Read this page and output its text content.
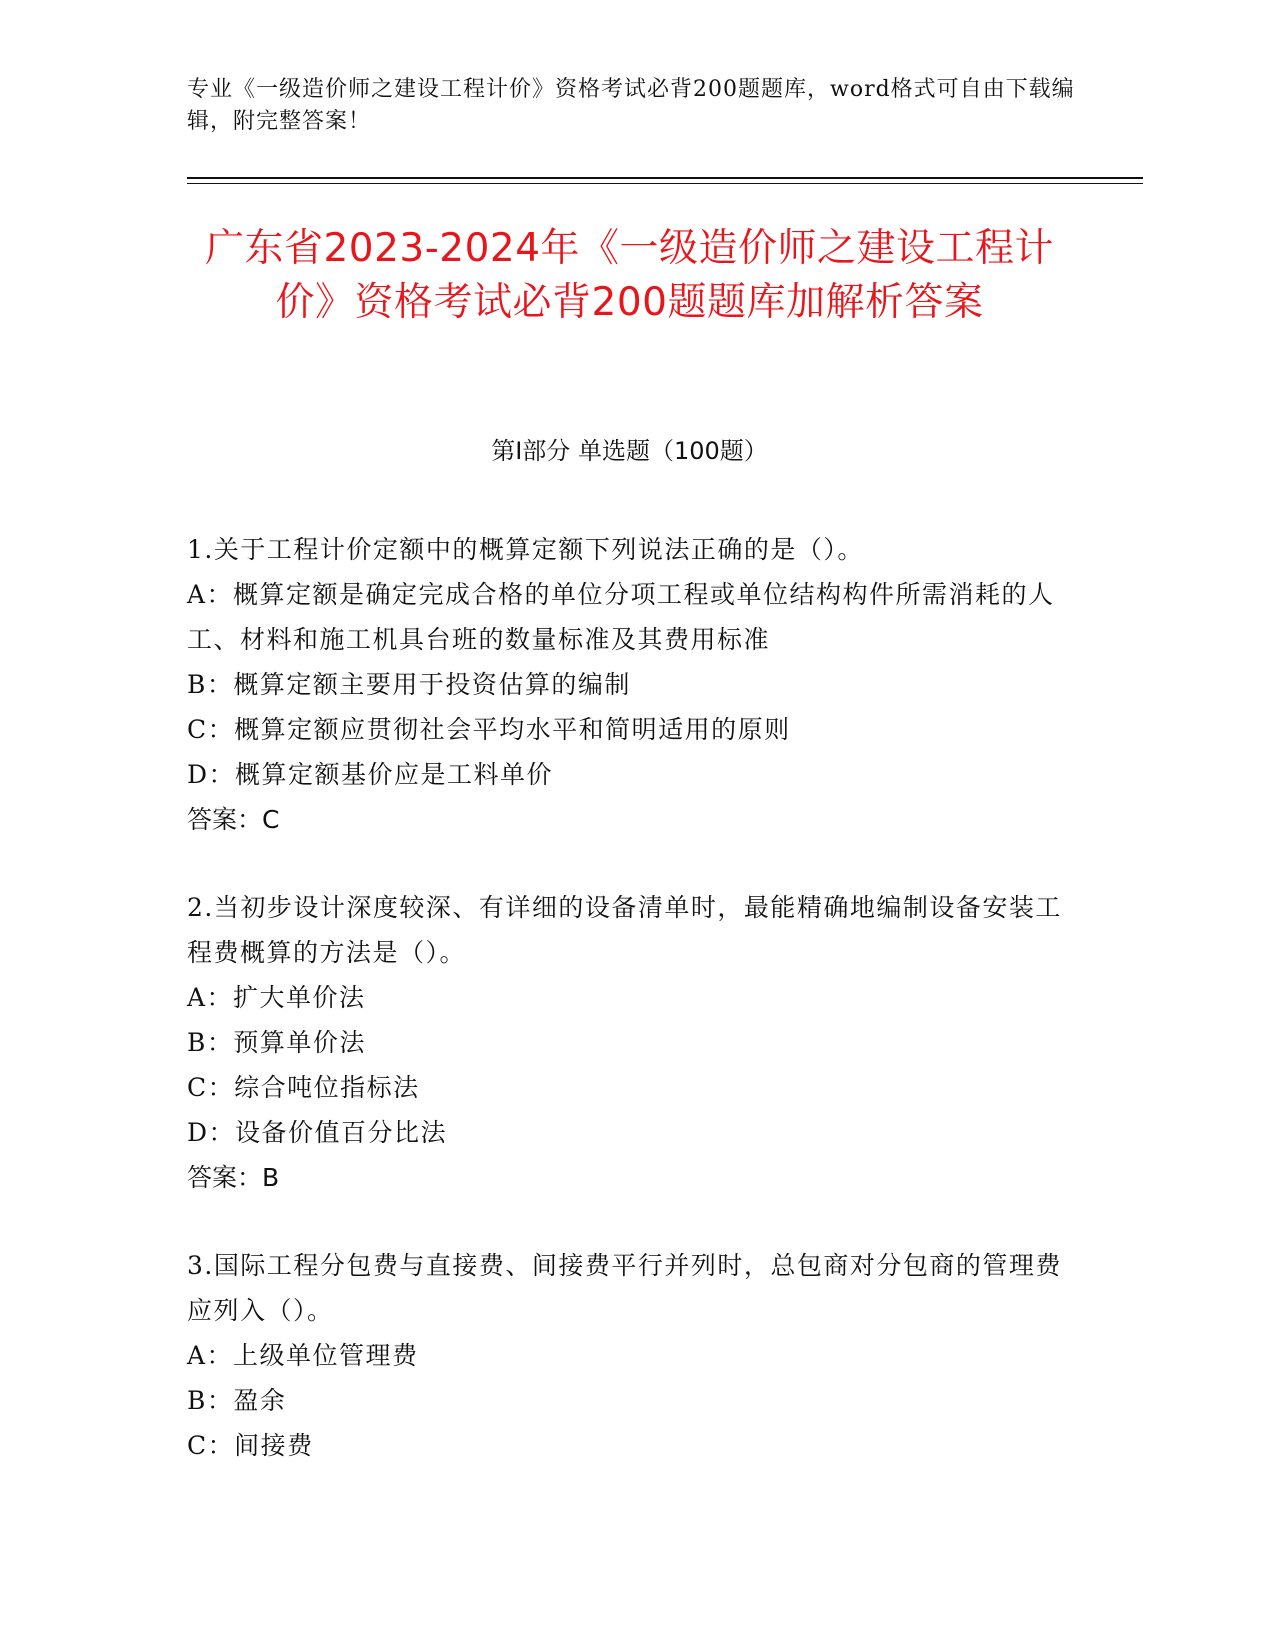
专业《一级造价师之建设工程计价》资格考试必背200题题库，word格式可自由下载编辑，附完整答案！
广东省2023-2024年《一级造价师之建设工程计价》资格考试必背200题题库加解析答案
第Ⅰ部分 单选题（100题）
1.关于工程计价定额中的概算定额下列说法正确的是（）。
A：概算定额是确定完成合格的单位分项工程或单位结构构件所需消耗的人工、材料和施工机具台班的数量标准及其费用标准
B：概算定额主要用于投资估算的编制
C：概算定额应贯彻社会平均水平和简明适用的原则
D：概算定额基价应是工料单价
答案：C
2.当初步设计深度较深、有详细的设备清单时，最能精确地编制设备安装工程费概算的方法是（）。
A：扩大单价法
B：预算单价法
C：综合吨位指标法
D：设备价值百分比法
答案：B
3.国际工程分包费与直接费、间接费平行并列时，总包商对分包商的管理费应列入（）。
A：上级单位管理费
B：盈余
C：间接费
